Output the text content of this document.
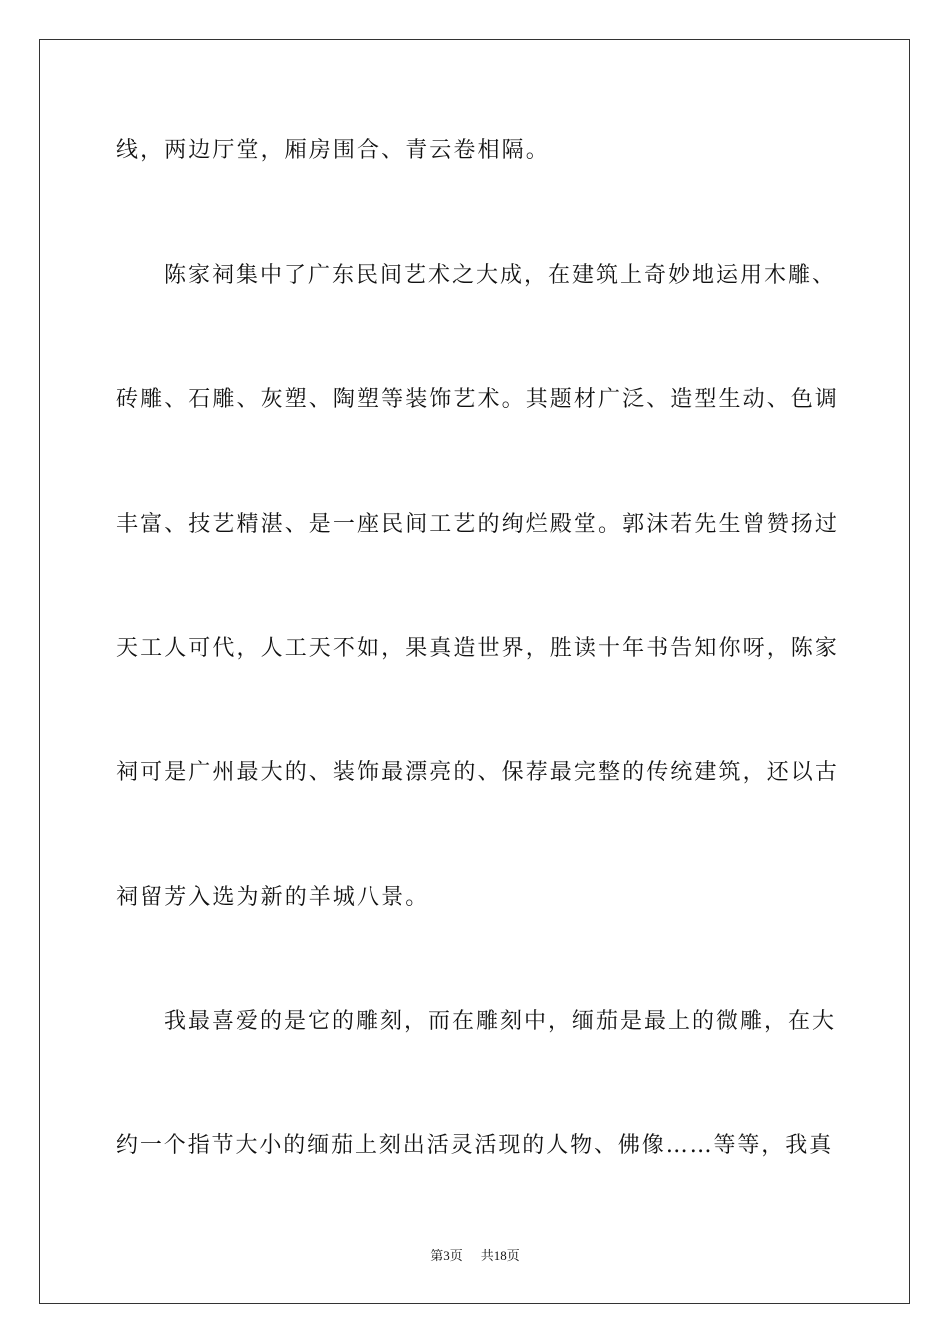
线，两边厅堂，厢房围合、青云卷相隔。
陈家祠集中了广东民间艺术之大成，在建筑上奇妙地运用木雕、
砖雕、石雕、灰塑、陶塑等装饰艺术。其题材广泛、造型生动、色调
丰富、技艺精湛、是一座民间工艺的绚烂殿堂。郭沫若先生曾赞扬过
天工人可代，人工天不如，果真造世界，胜读十年书告知你呀，陈家
祠可是广州最大的、装饰最漂亮的、保荐最完整的传统建筑，还以古
祠留芳入选为新的羊城八景。
我最喜爱的是它的雕刻，而在雕刻中，缅茄是最上的微雕，在大
约一个指节大小的缅茄上刻出活灵活现的人物、佛像……等等，我真
第3页 共18页
